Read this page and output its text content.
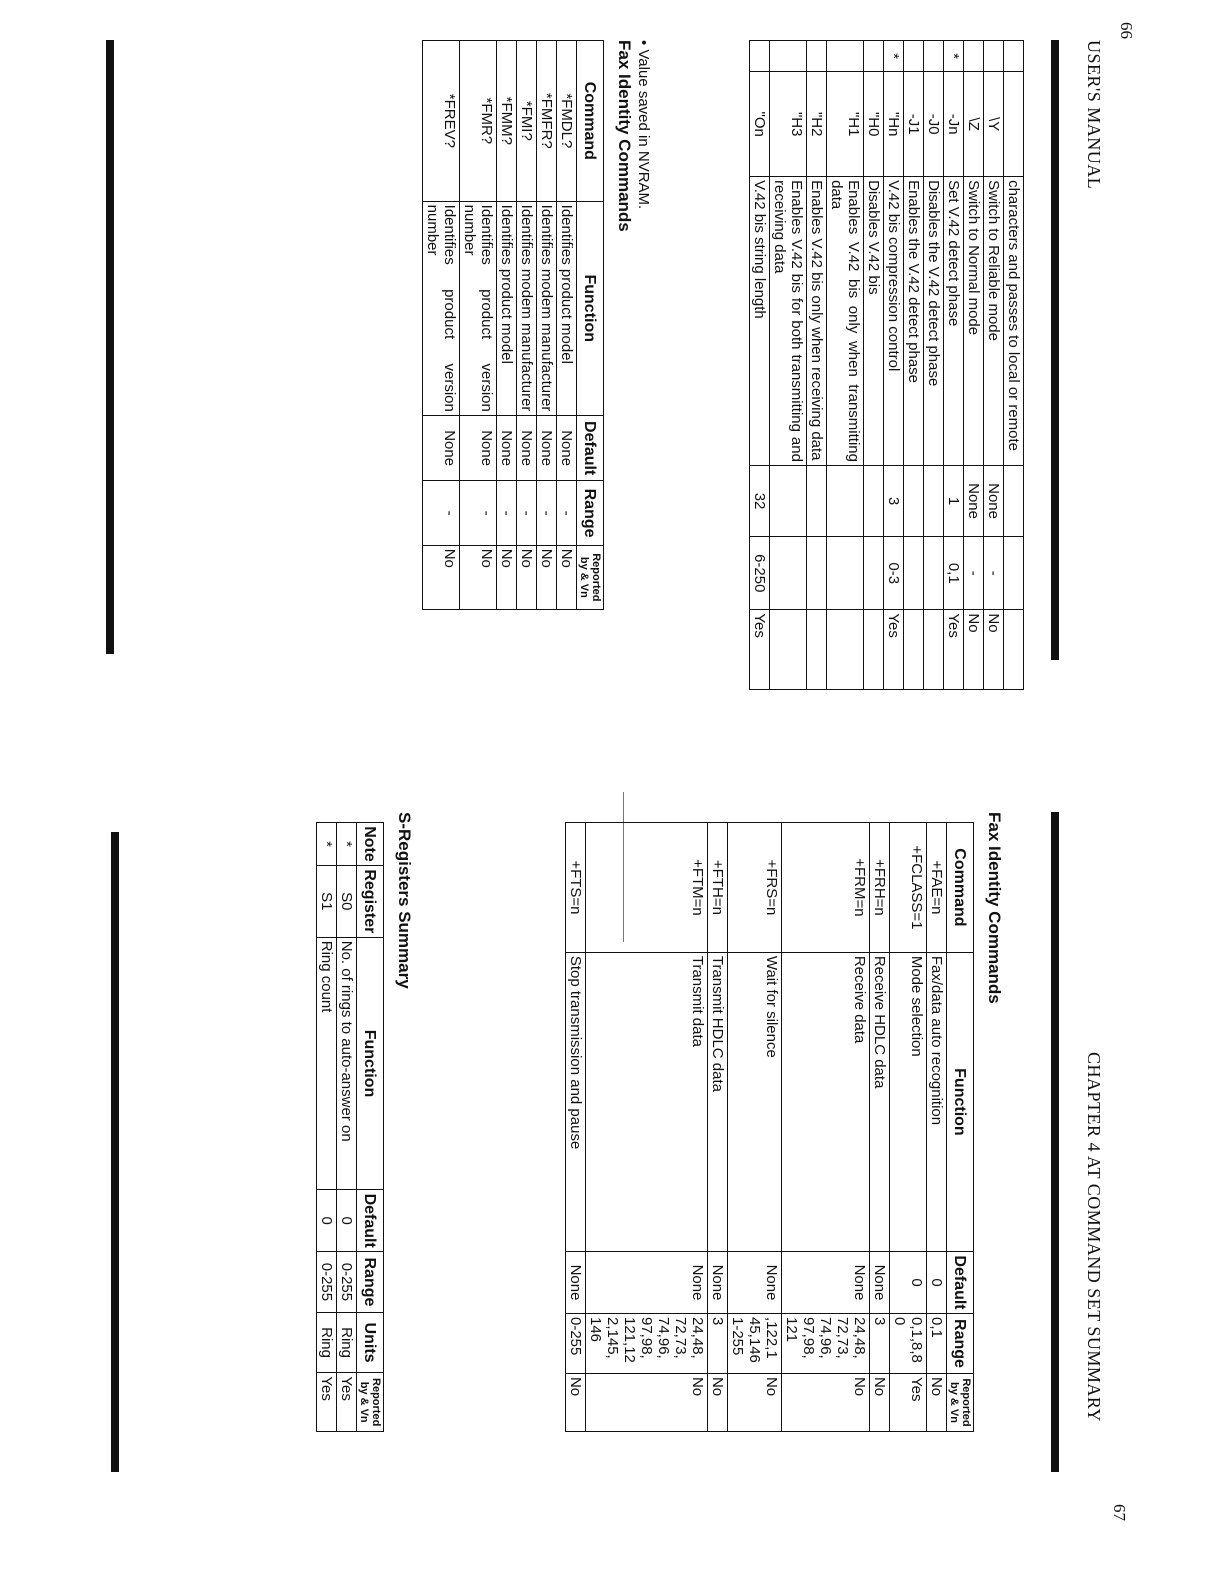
		characters and passes to local or remote			
	\Y	Switch to Reliable mode	None	-	No
	\Z	Switch to Normal mode	None	-	No
*	-Jn	Set V.42 detect phase	1	0,1	Yes
	-J0	Disables the V.42 detect phase			
	-J1	Enables the V.42 detect phase			
*	"Hn	V.42 bis compression control	3	0-3	Yes
	"H0	Disables V.42 bis			
	"H1	Enables V.42 bis only when transmitting data			
	"H2	Enables V.42 bis only when receiving data			
	"H3	Enables V.42 bis for both transmitting and receiving data			
	"On	V.42 bis string length	32	6-250	Yes
• Value saved in NVRAM.
Fax Identity Commands
Command	Function	Default	Range	Reported by & Vn
*FMDL?	Identifies product model	None	-	No
*FMFR?	Identifies modem manufacturer	None	-	No
*FMI?	Identifies modem manufacturer	None	-	No
*FMM?	Identifies product model	None	-	No
*FMR?	Identifies product version number	None	-	No
*FREV?	Identifies product version number	None	-	No
USER'S MANUAL
66
Fax Identity Commands
Command	Function	Default	Range	Reported by & Vn
+FAE=n	Fax/data auto recognition	0	0,1	No
+FCLASS=1	Mode selection	0	0,1,8,8 0	Yes
+FRH=n	Receive HDLC data	None	3	No
+FRM=n	Receive data	None	24,48, 72,73, 74,96, 97,98, 121	No
+FRS=n	Wait for silence	None	,122,1 45,146 1-255	No
+FTH=n	Transmit HDLC data	None	3	No
+FTM=n	Transmit data	None	24,48, 72,73, 74,96, 97,98, 121,12 2,145, 146	No
+FTS=n	Stop transmission and pause	None	0-255	No
S-Registers Summary
Note	Register	Function	Default	Range	Units	Reported by & Vn
*	S0	No. of rings to auto-answer on	0	0-255	Ring	Yes
*	S1	Ring count	0	0-255	Ring	Yes	CHAPTER 4 AT COMMAND SET SUMMARY
67
